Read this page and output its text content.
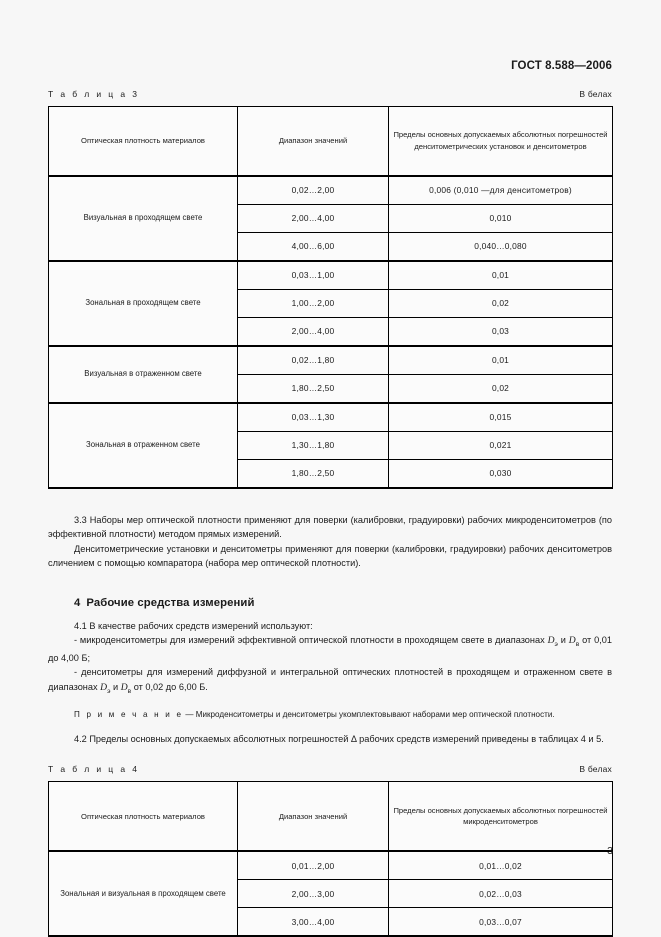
ГОСТ 8.588—2006
Т а б л и ц а 3	В белах
Оптическая плотность материалов	Диапазон значений	Пределы основных допускаемых абсолютных погрешностей денситометрических установок и денситометров
Визуальная в проходящем свете	0,02…2,00	0,006 (0,010 —для денситометров)
	2,00…4,00	0,010
	4,00…6,00	0,040…0,080
Зональная в проходящем свете	0,03…1,00	0,01
	1,00…2,00	0,02
	2,00…4,00	0,03
Визуальная в отраженном свете	0,02…1,80	0,01
	1,80…2,50	0,02
Зональная в отраженном свете	0,03…1,30	0,015
	1,30…1,80	0,021
	1,80…2,50	0,030

3.3 Наборы мер оптической плотности применяют для поверки (калибровки, градуировки) рабочих микроденситометров (по эффективной плотности) методом прямых измерений.

Денситометрические установки и денситометры применяют для поверки (калибровки, градуировки) рабочих денситометров сличением с помощью компаратора (набора мер оптической плотности).

4 Рабочие средства измерений

4.1 В качестве рабочих средств измерений используют:

- микроденситометры для измерений эффективной оптической плотности в проходящем свете в диапазонах $D_э$ и $D_в$ от 0,01 до 4,00 Б;

- денситометры для измерений диффузной и интегральной оптических плотностей в проходящем и отраженном свете в диапазонах $D_э$ и $D_в$ от 0,02 до 6,00 Б.

П р и м е ч а н и е — Микроденситометры и денситометры укомплектовывают наборами мер оптической плотности.

4.2 Пределы основных допускаемых абсолютных погрешностей Δ рабочих средств измерений приведены в таблицах 4 и 5.

Т а б л и ц а 4	В белах
Оптическая плотность материалов	Диапазон значений	Пределы основных допускаемых абсолютных погрешностей микроденситометров
Зональная и визуальная в проходящем свете	0,01…2,00	0,01…0,02
	2,00…3,00	0,02…0,03
	3,00…4,00	0,03…0,07
3
